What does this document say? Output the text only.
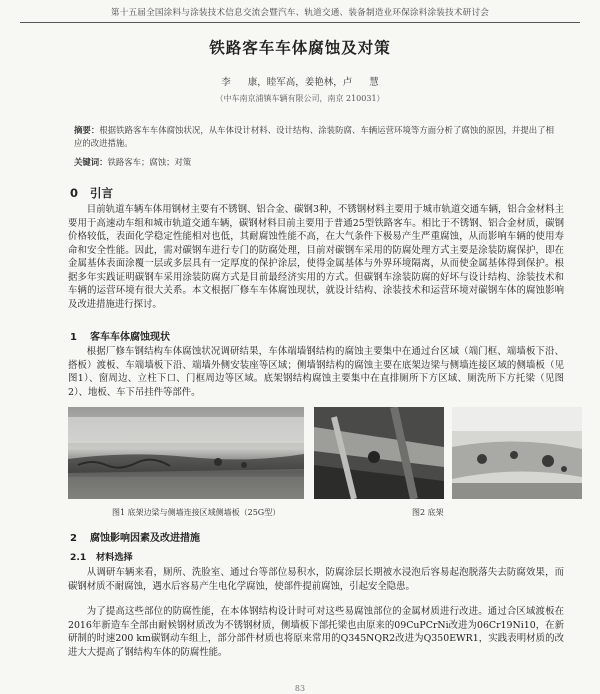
第十五届全国涂料与涂装技术信息交流会暨汽车、轨道交通、装备制造业环保涂料涂装技术研讨会
铁路客车车体腐蚀及对策
李 康，睦军高，姜艳林，卢 慧
（中车南京浦镇车辆有限公司，南京 210031）
摘要：根据铁路客车车体腐蚀状况，从车体设计材料、设计结构、涂装防腐、车辆运营环境等方面分析了腐蚀的原因，并提出了相应的改进措施。
关键词：铁路客车；腐蚀；对策
0 引言

目前轨道车辆车体用钢材主要有不锈钢、铝合金、碳钢3种，不锈钢材料主要用于城市轨道交通车辆，铝合金材料主要用于高速动车组和城市轨道交通车辆，碳钢材料目前主要用于普通25型铁路客车。相比于不锈钢、铝合金材质，碳钢价格较低，表面化学稳定性能相对也低，其耐腐蚀性能不高，在大气条件下极易产生严重腐蚀，从而影响车辆的使用寿命和安全性能。因此，需对碳钢车进行专门的防腐处理，目前对碳钢车采用的防腐处理方式主要是涂装防腐保护，即在金属基体表面涂覆一层或多层具有一定厚度的保护涂层，使得金属基体与外界环境隔离，从而使金属基体得到保护。根据多年实践证明碳钢车采用涂装防腐方式是目前最经济实用的方式。但碳钢车涂装防腐的好坏与设计结构、涂装技术和车辆的运营环境有很大关系。本文根据厂修车车体腐蚀现状，就设计结构、涂装技术和运营环境对碳钢车体的腐蚀影响及改进措施进行探讨。

1 客车车体腐蚀现状

根据厂修车钢结构车体腐蚀状况调研结果，车体端墙钢结构的腐蚀主要集中在通过台区域（端门框、端墙板下沿、搭板）渡板、车端墙板下沿、端墙外侧安装座等区域；侧墙钢结构的腐蚀主要在底架边梁与侧墙连接区域的侧墙板（见图1）、窗周边、立柱下口、门框周边等区域。底架钢结构腐蚀主要集中在直排厕所下方区域、厕洗所下方托梁（见图2）、地板、车下吊挂件等部件。

图1 底架边梁与侧墙连接区域侧墙板（25G型）	图2 底架
2 腐蚀影响因素及改进措施
2.1 材料选择

从调研车辆来看，厕所、洗脸室、通过台等部位易积水，防腐涂层长期被水浸泡后容易起泡脱落失去防腐效果，而碳钢材质不耐腐蚀，遇水后容易产生电化学腐蚀，使部件提前腐蚀，引起安全隐患。

为了提高这些部位的防腐性能，在本体钢结构设计时可对这些易腐蚀部位的金属材质进行改进。通过合区域渡板在2016年新造车全部由耐候钢材质改为不锈钢材质，侧墙板下部托梁也由原来的09CuPCrNi改进为06Cr19Ni10，在新研制的时速200 km碳钢动车组上，部分部件材质也将原来常用的Q345NQR2改进为Q350EWR1，实践表明材质的改进大大提高了钢结构车体的防腐性能。

83
